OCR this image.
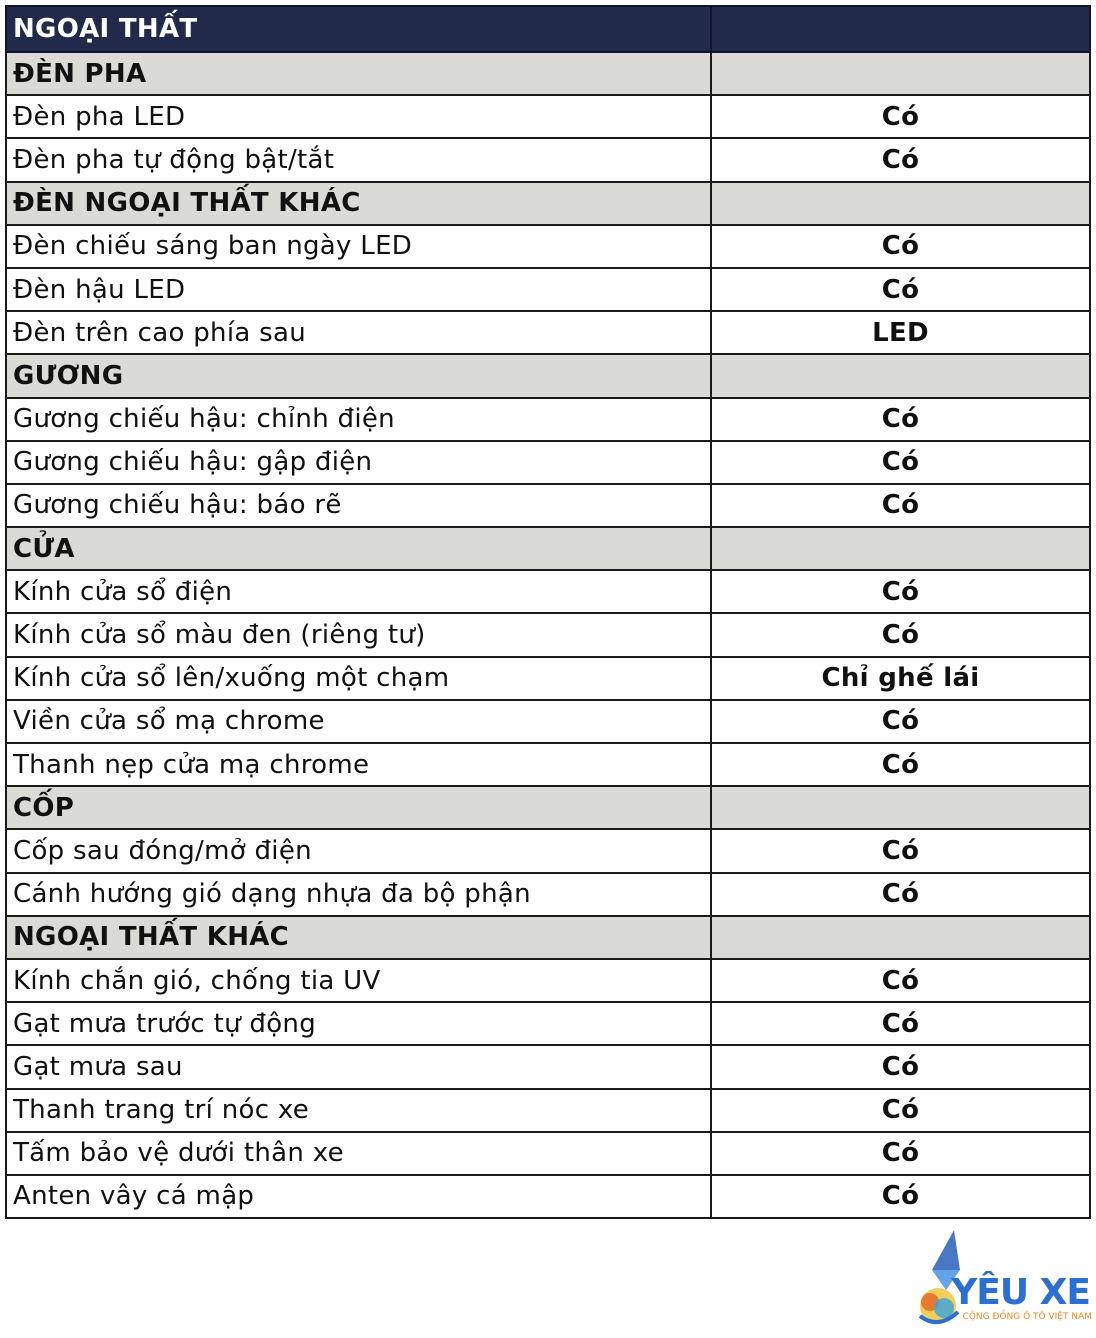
NGOẠI THẤT	
ĐÈN PHA	
Đèn pha LED	Có
Đèn pha tự động bật/tắt	Có
ĐÈN NGOẠI THẤT KHÁC	
Đèn chiếu sáng ban ngày LED	Có
Đèn hậu LED	Có
Đèn trên cao phía sau	LED
GƯƠNG	
Gương chiếu hậu: chỉnh điện	Có
Gương chiếu hậu: gập điện	Có
Gương chiếu hậu: báo rẽ	Có
CỬA	
Kính cửa sổ điện	Có
Kính cửa sổ màu đen (riêng tư)	Có
Kính cửa sổ lên/xuống một chạm	Chỉ ghế lái
Viền cửa sổ mạ chrome	Có
Thanh nẹp cửa mạ chrome	Có
CỐP	
Cốp sau đóng/mở điện	Có
Cánh hướng gió dạng nhựa đa bộ phận	Có
NGOẠI THẤT KHÁC	
Kính chắn gió, chống tia UV	Có
Gạt mưa trước tự động	Có
Gạt mưa sau	Có
Thanh trang trí nóc xe	Có
Tấm bảo vệ dưới thân xe	Có
Anten vây cá mập	Có
YÊU XE
CỘNG ĐỒNG Ô TÔ VIỆT NAM
